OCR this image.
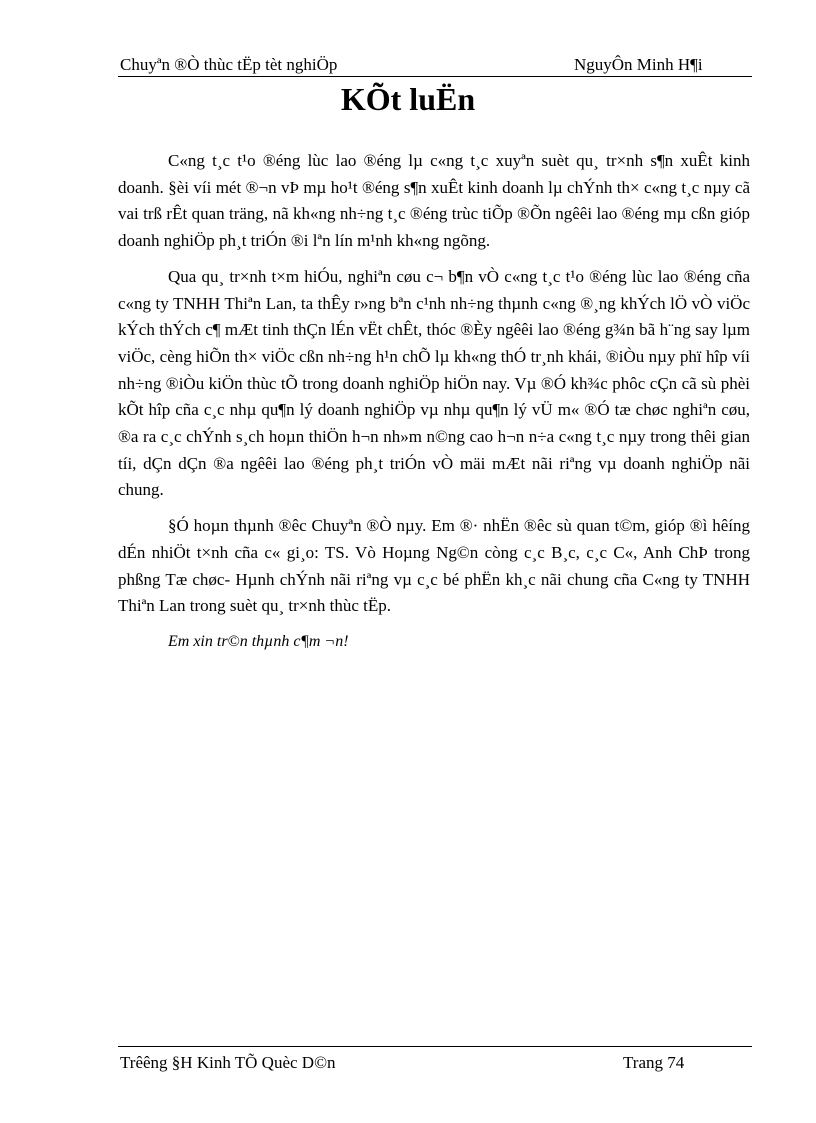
Chuyªn ®Ò thùc tËp tèt nghiÖp	NguyÔn Minh H¶i
KÕt luËn

C«ng t¸c t¹o ®éng lùc lao ®éng lµ c«ng t¸c xuyªn suèt qu¸ tr×nh s¶n xuÊt kinh doanh. §èi víi mét ®¬n vÞ mµ ho¹t ®éng s¶n xuÊt kinh doanh lµ chÝnh th× c«ng t¸c nµy cã vai trß rÊt quan träng, nã kh«ng nh÷ng t¸c ®éng trùc tiÕp ®Õn ngêêi lao ®éng mµ cßn gióp doanh nghiÖp ph¸t triÓn ®i lªn lín m¹nh kh«ng ngõng.

Qua qu¸ tr×nh t×m hiÓu, nghiªn cøu c¬ b¶n vÒ c«ng t¸c t¹o ®éng lùc lao ®éng cña c«ng ty TNHH Thiªn Lan, ta thÊy r»ng bªn c¹nh nh÷ng thµnh c«ng ®¸ng khÝch lÖ vÒ viÖc kÝch thÝch c¶ mÆt tinh thÇn lÉn vËt chÊt, thóc ®Èy ngêêi lao ®éng g¾n bã h¨ng say lµm viÖc, cèng hiÕn th× viÖc cßn nh÷ng h¹n chÕ lµ kh«ng thÓ tr¸nh khái, ®iÒu nµy phï hîp víi nh÷ng ®iÒu kiÖn thùc tÕ trong doanh nghiÖp hiÖn nay. Vµ ®Ó kh¾c phôc cÇn cã sù phèi kÕt hîp cña c¸c nhµ qu¶n lý doanh nghiÖp vµ nhµ qu¶n lý vÜ m« ®Ó tæ chøc nghiªn cøu, ®a ra c¸c chÝnh s¸ch hoµn thiÖn h¬n nh»m n©ng cao h¬n n÷a c«ng t¸c nµy trong thêi gian tíi, dÇn dÇn ®a ngêêi lao ®éng ph¸t triÓn vÒ mäi mÆt nãi riªng vµ doanh nghiÖp nãi chung.

§Ó hoµn thµnh ®êc Chuyªn ®Ò nµy. Em ®· nhËn ®êc sù quan t©m, gióp ®ì hêíng dÉn nhiÖt t×nh cña c« gi¸o: TS. Vò Hoµng Ng©n còng c¸c B¸c, c¸c C«, Anh ChÞ trong phßng Tæ chøc- Hµnh chÝnh nãi riªng vµ c¸c bé phËn kh¸c nãi chung cña C«ng ty TNHH Thiªn Lan trong suèt qu¸ tr×nh thùc tËp.

Em xin tr©n thµnh c¶m ¬n!

Trêêng §H Kinh TÕ Quèc D©n	Trang 74
